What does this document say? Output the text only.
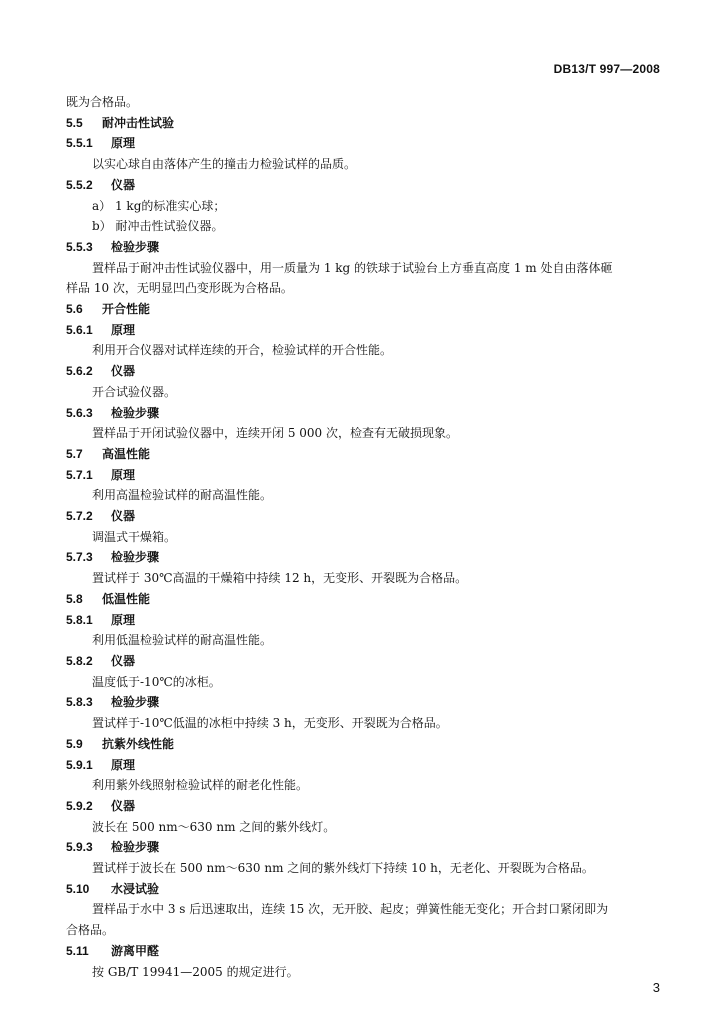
DB13/T 997—2008
既为合格品。
5.5 耐冲击性试验
5.5.1 原理
以实心球自由落体产生的撞击力检验试样的品质。
5.5.2 仪器
a） 1 kg的标准实心球；
b） 耐冲击性试验仪器。
5.5.3 检验步骤
置样品于耐冲击性试验仪器中，用一质量为 1 kg 的铁球于试验台上方垂直高度 1 m 处自由落体砸
样品 10 次，无明显凹凸变形既为合格品。
5.6 开合性能
5.6.1 原理
利用开合仪器对试样连续的开合，检验试样的开合性能。
5.6.2 仪器
开合试验仪器。
5.6.3 检验步骤
置样品于开闭试验仪器中，连续开闭 5 000 次，检查有无破损现象。
5.7 高温性能
5.7.1 原理
利用高温检验试样的耐高温性能。
5.7.2 仪器
调温式干燥箱。
5.7.3 检验步骤
置试样于 30℃高温的干燥箱中持续 12 h，无变形、开裂既为合格品。
5.8 低温性能
5.8.1 原理
利用低温检验试样的耐高温性能。
5.8.2 仪器
温度低于-10℃的冰柜。
5.8.3 检验步骤
置试样于-10℃低温的冰柜中持续 3 h，无变形、开裂既为合格品。
5.9 抗紫外线性能
5.9.1 原理
利用紫外线照射检验试样的耐老化性能。
5.9.2 仪器
波长在 500 nm～630 nm 之间的紫外线灯。
5.9.3 检验步骤
置试样于波长在 500 nm～630 nm 之间的紫外线灯下持续 10 h，无老化、开裂既为合格品。
5.10 水浸试验
置样品于水中 3 s 后迅速取出，连续 15 次，无开胶、起皮；弹簧性能无变化；开合封口紧闭即为
合格品。
5.11 游离甲醛
按 GB/T 19941—2005 的规定进行。
3
